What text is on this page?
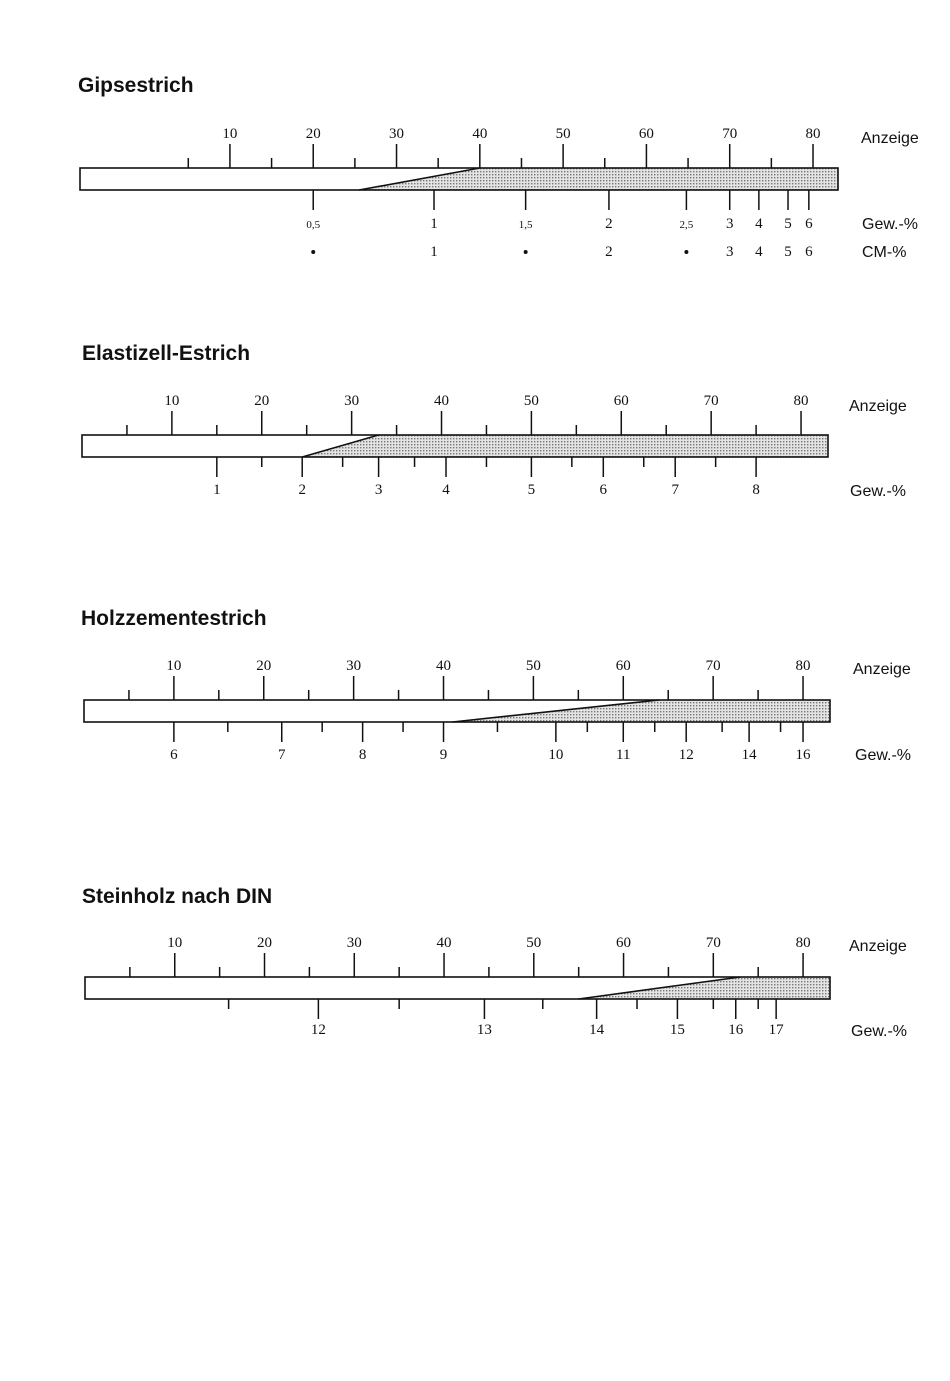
Gipsestrich
Anzeige
Gew.-%
CM-%
10	20	30	40	50	60	70	80
0,5	1	1,5	2	2,5 3 4 5 6
1	2	3 4 5 6
Elastizell-Estrich
Anzeige
Gew.-%
10	20	30	40	50	60	70	80
1	2	3	4	5	6	7	8
Holzzementestrich
Anzeige
Gew.-%
10	20	30	40	50	60	70	80
6	7	8	9	10	11	12	14	16
Steinholz nach DIN
Anzeige
Gew.-%
10	20	30	40	50	60	70	80
12	13	14	15	16 17
